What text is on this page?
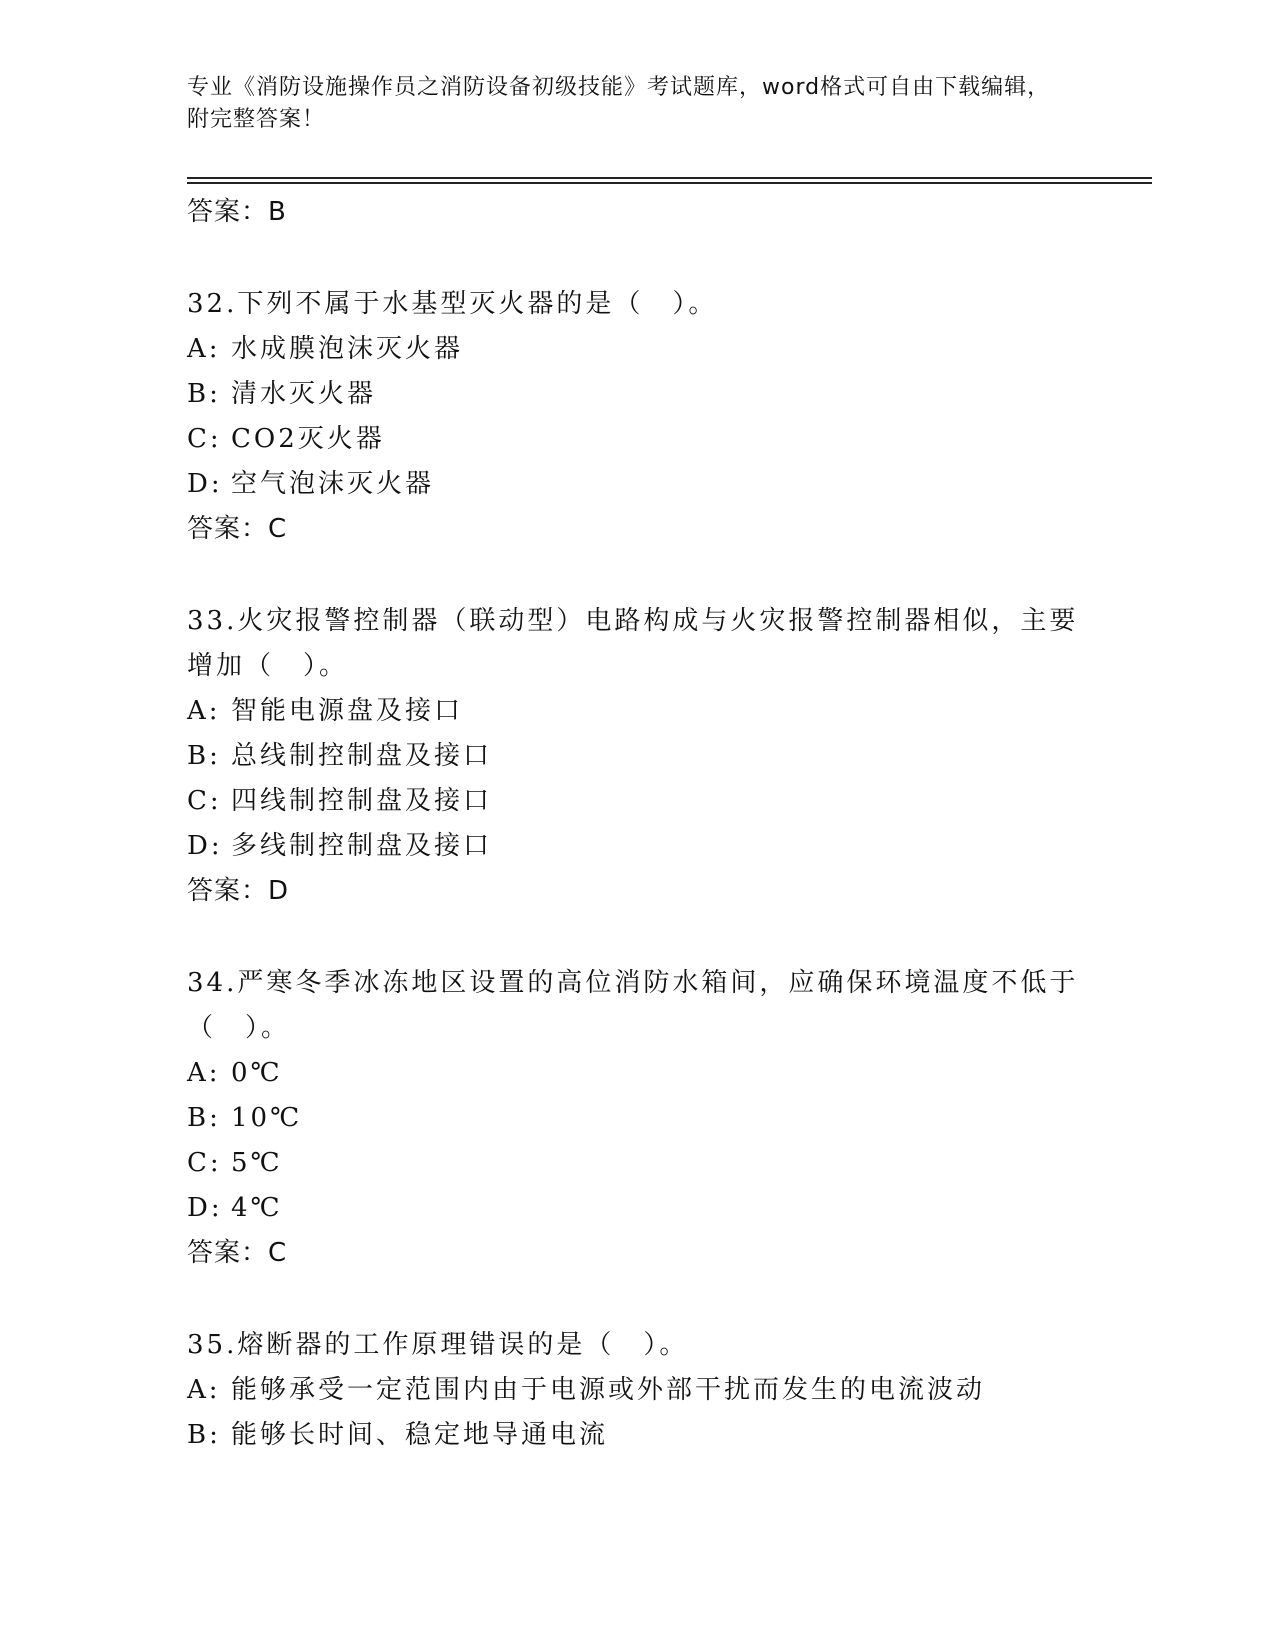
专业《消防设施操作员之消防设备初级技能》考试题库，word格式可自由下载编辑，附完整答案！
答案：B
32.下列不属于水基型灭火器的是（　）。
A: 水成膜泡沫灭火器
B: 清水灭火器
C: CO2灭火器
D: 空气泡沫灭火器
答案：C
33.火灾报警控制器（联动型）电路构成与火灾报警控制器相似，主要增加（　）。
A: 智能电源盘及接口
B: 总线制控制盘及接口
C: 四线制控制盘及接口
D: 多线制控制盘及接口
答案：D
34.严寒冬季冰冻地区设置的高位消防水箱间，应确保环境温度不低于（　）。
A: 0℃
B: 10℃
C: 5℃
D: 4℃
答案：C
35.熔断器的工作原理错误的是（　）。
A: 能够承受一定范围内由于电源或外部干扰而发生的电流波动
B: 能够长时间、稳定地导通电流
